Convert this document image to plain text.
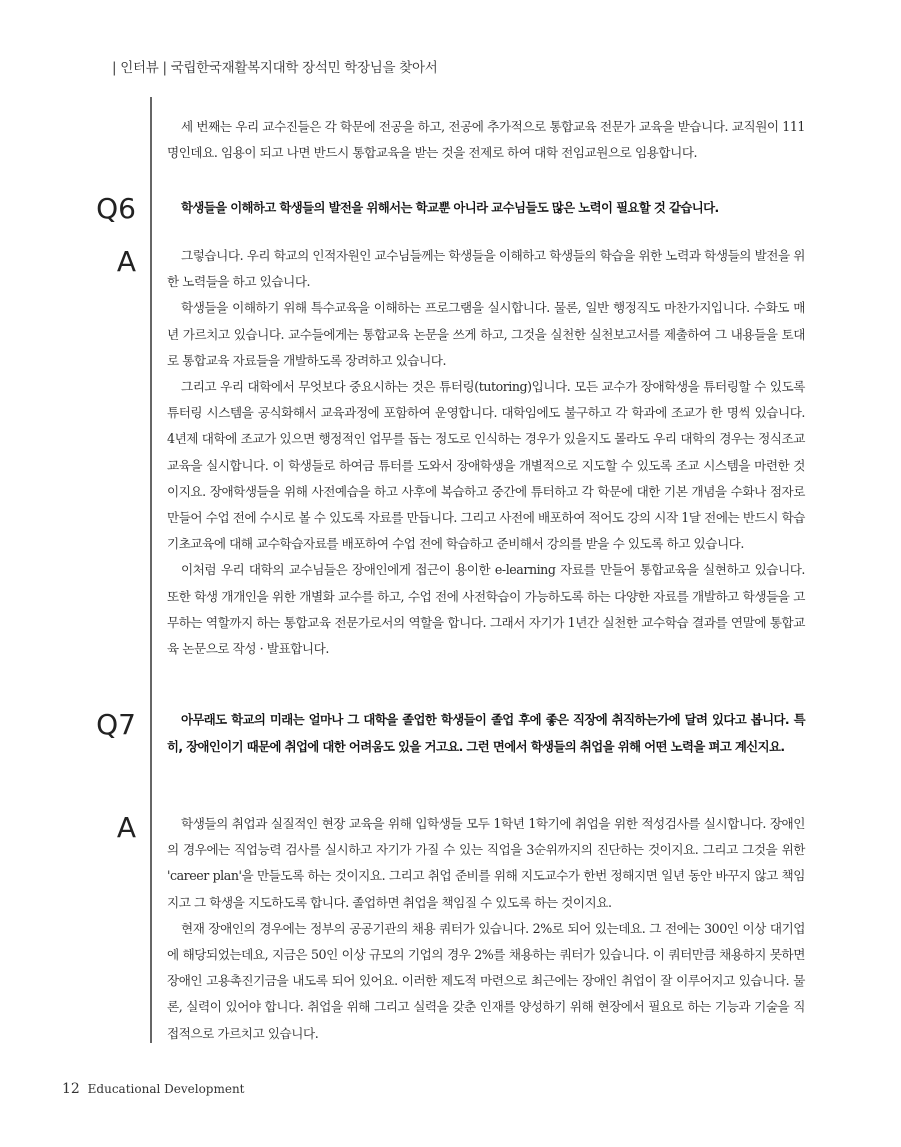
| 인터뷰 | 국립한국재활복지대학 장석민 학장님을 찾아서

세 번째는 우리 교수진들은 각 학문에 전공을 하고, 전공에 추가적으로 통합교육 전문가 교육을 받습니다. 교직원이 111명인데요. 임용이 되고 나면 반드시 통합교육을 받는 것을 전제로 하여 대학 전임교원으로 임용합니다.

Q6	학생들을 이해하고 학생들의 발전을 위해서는 학교뿐 아니라 교수님들도 많은 노력이 필요할 것 같습니다.

A	그렇습니다. 우리 학교의 인적자원인 교수님들께는 학생들을 이해하고 학생들의 학습을 위한 노력과 학생들의 발전을 위한 노력들을 하고 있습니다.

학생들을 이해하기 위해 특수교육을 이해하는 프로그램을 실시합니다. 물론, 일반 행정직도 마찬가지입니다. 수화도 매년 가르치고 있습니다. 교수들에게는 통합교육 논문을 쓰게 하고, 그것을 실천한 실천보고서를 제출하여 그 내용들을 토대로 통합교육 자료들을 개발하도록 장려하고 있습니다.

그리고 우리 대학에서 무엇보다 중요시하는 것은 튜터링(tutoring)입니다. 모든 교수가 장애학생을 튜터링할 수 있도록 튜터링 시스템을 공식화해서 교육과정에 포함하여 운영합니다. 대학임에도 불구하고 각 학과에 조교가 한 명씩 있습니다. 4년제 대학에 조교가 있으면 행정적인 업무를 돕는 정도로 인식하는 경우가 있을지도 몰라도 우리 대학의 경우는 정식조교 교육을 실시합니다. 이 학생들로 하여금 튜터를 도와서 장애학생을 개별적으로 지도할 수 있도록 조교 시스템을 마련한 것이지요. 장애학생들을 위해 사전예습을 하고 사후에 복습하고 중간에 튜터하고 각 학문에 대한 기본 개념을 수화나 점자로 만들어 수업 전에 수시로 볼 수 있도록 자료를 만듭니다. 그리고 사전에 배포하여 적어도 강의 시작 1달 전에는 반드시 학습기초교육에 대해 교수학습자료를 배포하여 수업 전에 학습하고 준비해서 강의를 받을 수 있도록 하고 있습니다.

이처럼 우리 대학의 교수님들은 장애인에게 접근이 용이한 e-learning 자료를 만들어 통합교육을 실현하고 있습니다. 또한 학생 개개인을 위한 개별화 교수를 하고, 수업 전에 사전학습이 가능하도록 하는 다양한 자료를 개발하고 학생들을 고무하는 역할까지 하는 통합교육 전문가로서의 역할을 합니다. 그래서 자기가 1년간 실천한 교수학습 결과를 연말에 통합교육 논문으로 작성 · 발표합니다.

Q7	아무래도 학교의 미래는 얼마나 그 대학을 졸업한 학생들이 졸업 후에 좋은 직장에 취직하는가에 달려 있다고 봅니다. 특히, 장애인이기 때문에 취업에 대한 어려움도 있을 거고요. 그런 면에서 학생들의 취업을 위해 어떤 노력을 펴고 계신지요.

A	학생들의 취업과 실질적인 현장 교육을 위해 입학생들 모두 1학년 1학기에 취업을 위한 적성검사를 실시합니다. 장애인의 경우에는 직업능력 검사를 실시하고 자기가 가질 수 있는 직업을 3순위까지의 진단하는 것이지요. 그리고 그것을 위한 'career plan'을 만들도록 하는 것이지요. 그리고 취업 준비를 위해 지도교수가 한번 정해지면 일년 동안 바꾸지 않고 책임지고 그 학생을 지도하도록 합니다. 졸업하면 취업을 책임질 수 있도록 하는 것이지요.

현재 장애인의 경우에는 정부의 공공기관의 채용 쿼터가 있습니다. 2%로 되어 있는데요. 그 전에는 300인 이상 대기업에 해당되었는데요, 지금은 50인 이상 규모의 기업의 경우 2%를 채용하는 쿼터가 있습니다. 이 쿼터만큼 채용하지 못하면 장애인 고용촉진기금을 내도록 되어 있어요. 이러한 제도적 마련으로 최근에는 장애인 취업이 잘 이루어지고 있습니다. 물론, 실력이 있어야 합니다. 취업을 위해 그리고 실력을 갖춘 인재를 양성하기 위해 현장에서 필요로 하는 기능과 기술을 직접적으로 가르치고 있습니다.

12 Educational Development
